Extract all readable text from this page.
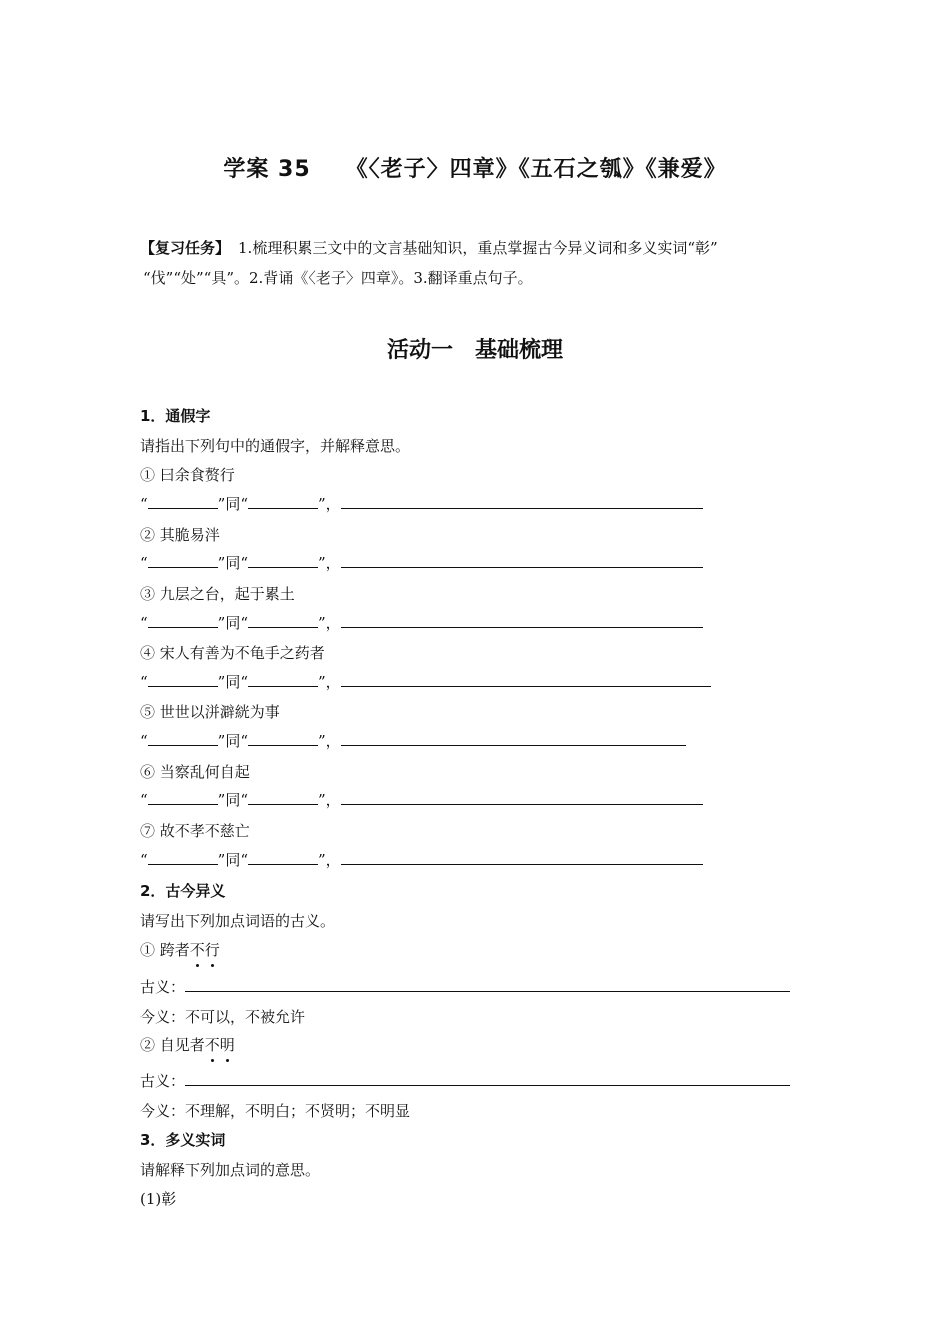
学案 35　　《〈老子〉四章》《五石之瓠》《兼爱》
【复习任务】 1.梳理积累三文中的文言基础知识，重点掌握古今异义词和多义实词“彰”
“伐”“处”“具”。2.背诵《〈老子〉四章》。3.翻译重点句子。
活动一　基础梳理
1．通假字
请指出下列句中的通假字，并解释意思。
① 曰余食赘行
“	”同“	”，
② 其脆易泮
“	”同“	”，
③ 九层之台，起于累土
“	”同“	”，
④ 宋人有善为不龟手之药者
“	”同“	”，
⑤ 世世以洴澼絖为事
“	”同“	”，
⑥ 当察乱何自起
“	”同“	”，
⑦ 故不孝不慈亡
“	”同“	”，
2．古今异义
请写出下列加点词语的古义。
① 跨者不行
古义：
今义：不可以，不被允许
② 自见者不明
古义：
今义：不理解，不明白；不贤明；不明显
3．多义实词
请解释下列加点词的意思。
(1)彰
